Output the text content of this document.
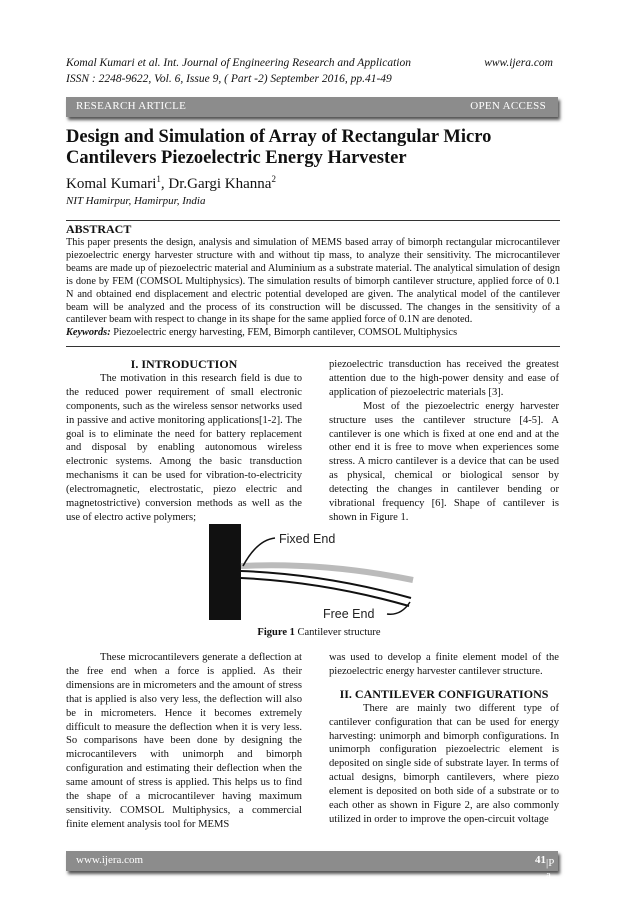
Komal Kumari et al. Int. Journal of Engineering Research and Application	www.ijera.com
ISSN : 2248-9622, Vol. 6, Issue 9, ( Part -2) September 2016, pp.41-49
RESEARCH ARTICLE	OPEN ACCESS
Design and Simulation of Array of Rectangular Micro
Cantilevers Piezoelectric Energy Harvester
Komal Kumari$^1$, Dr.Gargi Khanna$^2$
NIT Hamirpur, Hamirpur, India

ABSTRACT

This paper presents the design, analysis and simulation of MEMS based array of bimorph rectangular microcantilever piezoelectric energy harvester structure with and without tip mass, to analyze their sensitivity. The microcantilever beams are made up of piezoelectric material and Aluminium as a substrate material. The analytical simulation of design is done by FEM (COMSOL Multiphysics). The simulation results of bimorph cantilever structure, applied force of 0.1 N and obtained end displacement and electric potential developed are given. The analytical model of the cantilever beam will be analyzed and the process of its construction will be discussed. The changes in the sensitivity of a cantilever beam with respect to change in its shape for the same applied force of 0.1N are denoted.

Keywords: Piezoelectric energy harvesting, FEM, Bimorph cantilever, COMSOL Multiphysics

I. INTRODUCTION

The motivation in this research field is due to the reduced power requirement of small electronic components, such as the wireless sensor networks used in passive and active monitoring applications[1-2]. The goal is to eliminate the need for battery replacement and disposal by enabling autonomous wireless electronic systems. Among the basic transduction mechanisms it can be used for vibration-to-electricity (electromagnetic, electrostatic, piezo electric and magnetostrictive) conversion methods as well as the use of electro active polymers;

piezoelectric transduction has received the greatest attention due to the high-power density and ease of application of piezoelectric materials [3].

Most of the piezoelectric energy harvester structure uses the cantilever structure [4-5]. A cantilever is one which is fixed at one end and at the other end it is free to move when experiences some stress. A micro cantilever is a device that can be used as physical, chemical or biological sensor by detecting the changes in cantilever bending or vibrational frequency [6]. Shape of cantilever is shown in Figure 1.

Fixed End
Free End
Figure 1 Cantilever structure

These microcantilevers generate a deflection at the free end when a force is applied. As their dimensions are in micrometers and the amount of stress that is applied is also very less, the deflection will also be in micrometers. Hence it becomes extremely difficult to measure the deflection when it is very less. So comparisons have been done by designing the microcantilevers with unimorph and bimorph configuration and estimating their deflection when the same amount of stress is applied. This helps us to find the shape of a microcantilever having maximum sensitivity. COMSOL Multiphysics, a commercial finite element analysis tool for MEMS

was used to develop a finite element model of the piezoelectric energy harvester cantilever structure.

II. CANTILEVER CONFIGURATIONS

There are mainly two different type of cantilever configuration that can be used for energy harvesting: unimorph and bimorph configurations. In unimorph configuration piezoelectric element is deposited on single side of substrate layer. In terms of actual designs, bimorph cantilevers, where piezo element is deposited on both side of a substrate or to each other as shown in Figure 2, are also commonly utilized in order to improve the open-circuit voltage

www.ijera.com	41 |P a g e
